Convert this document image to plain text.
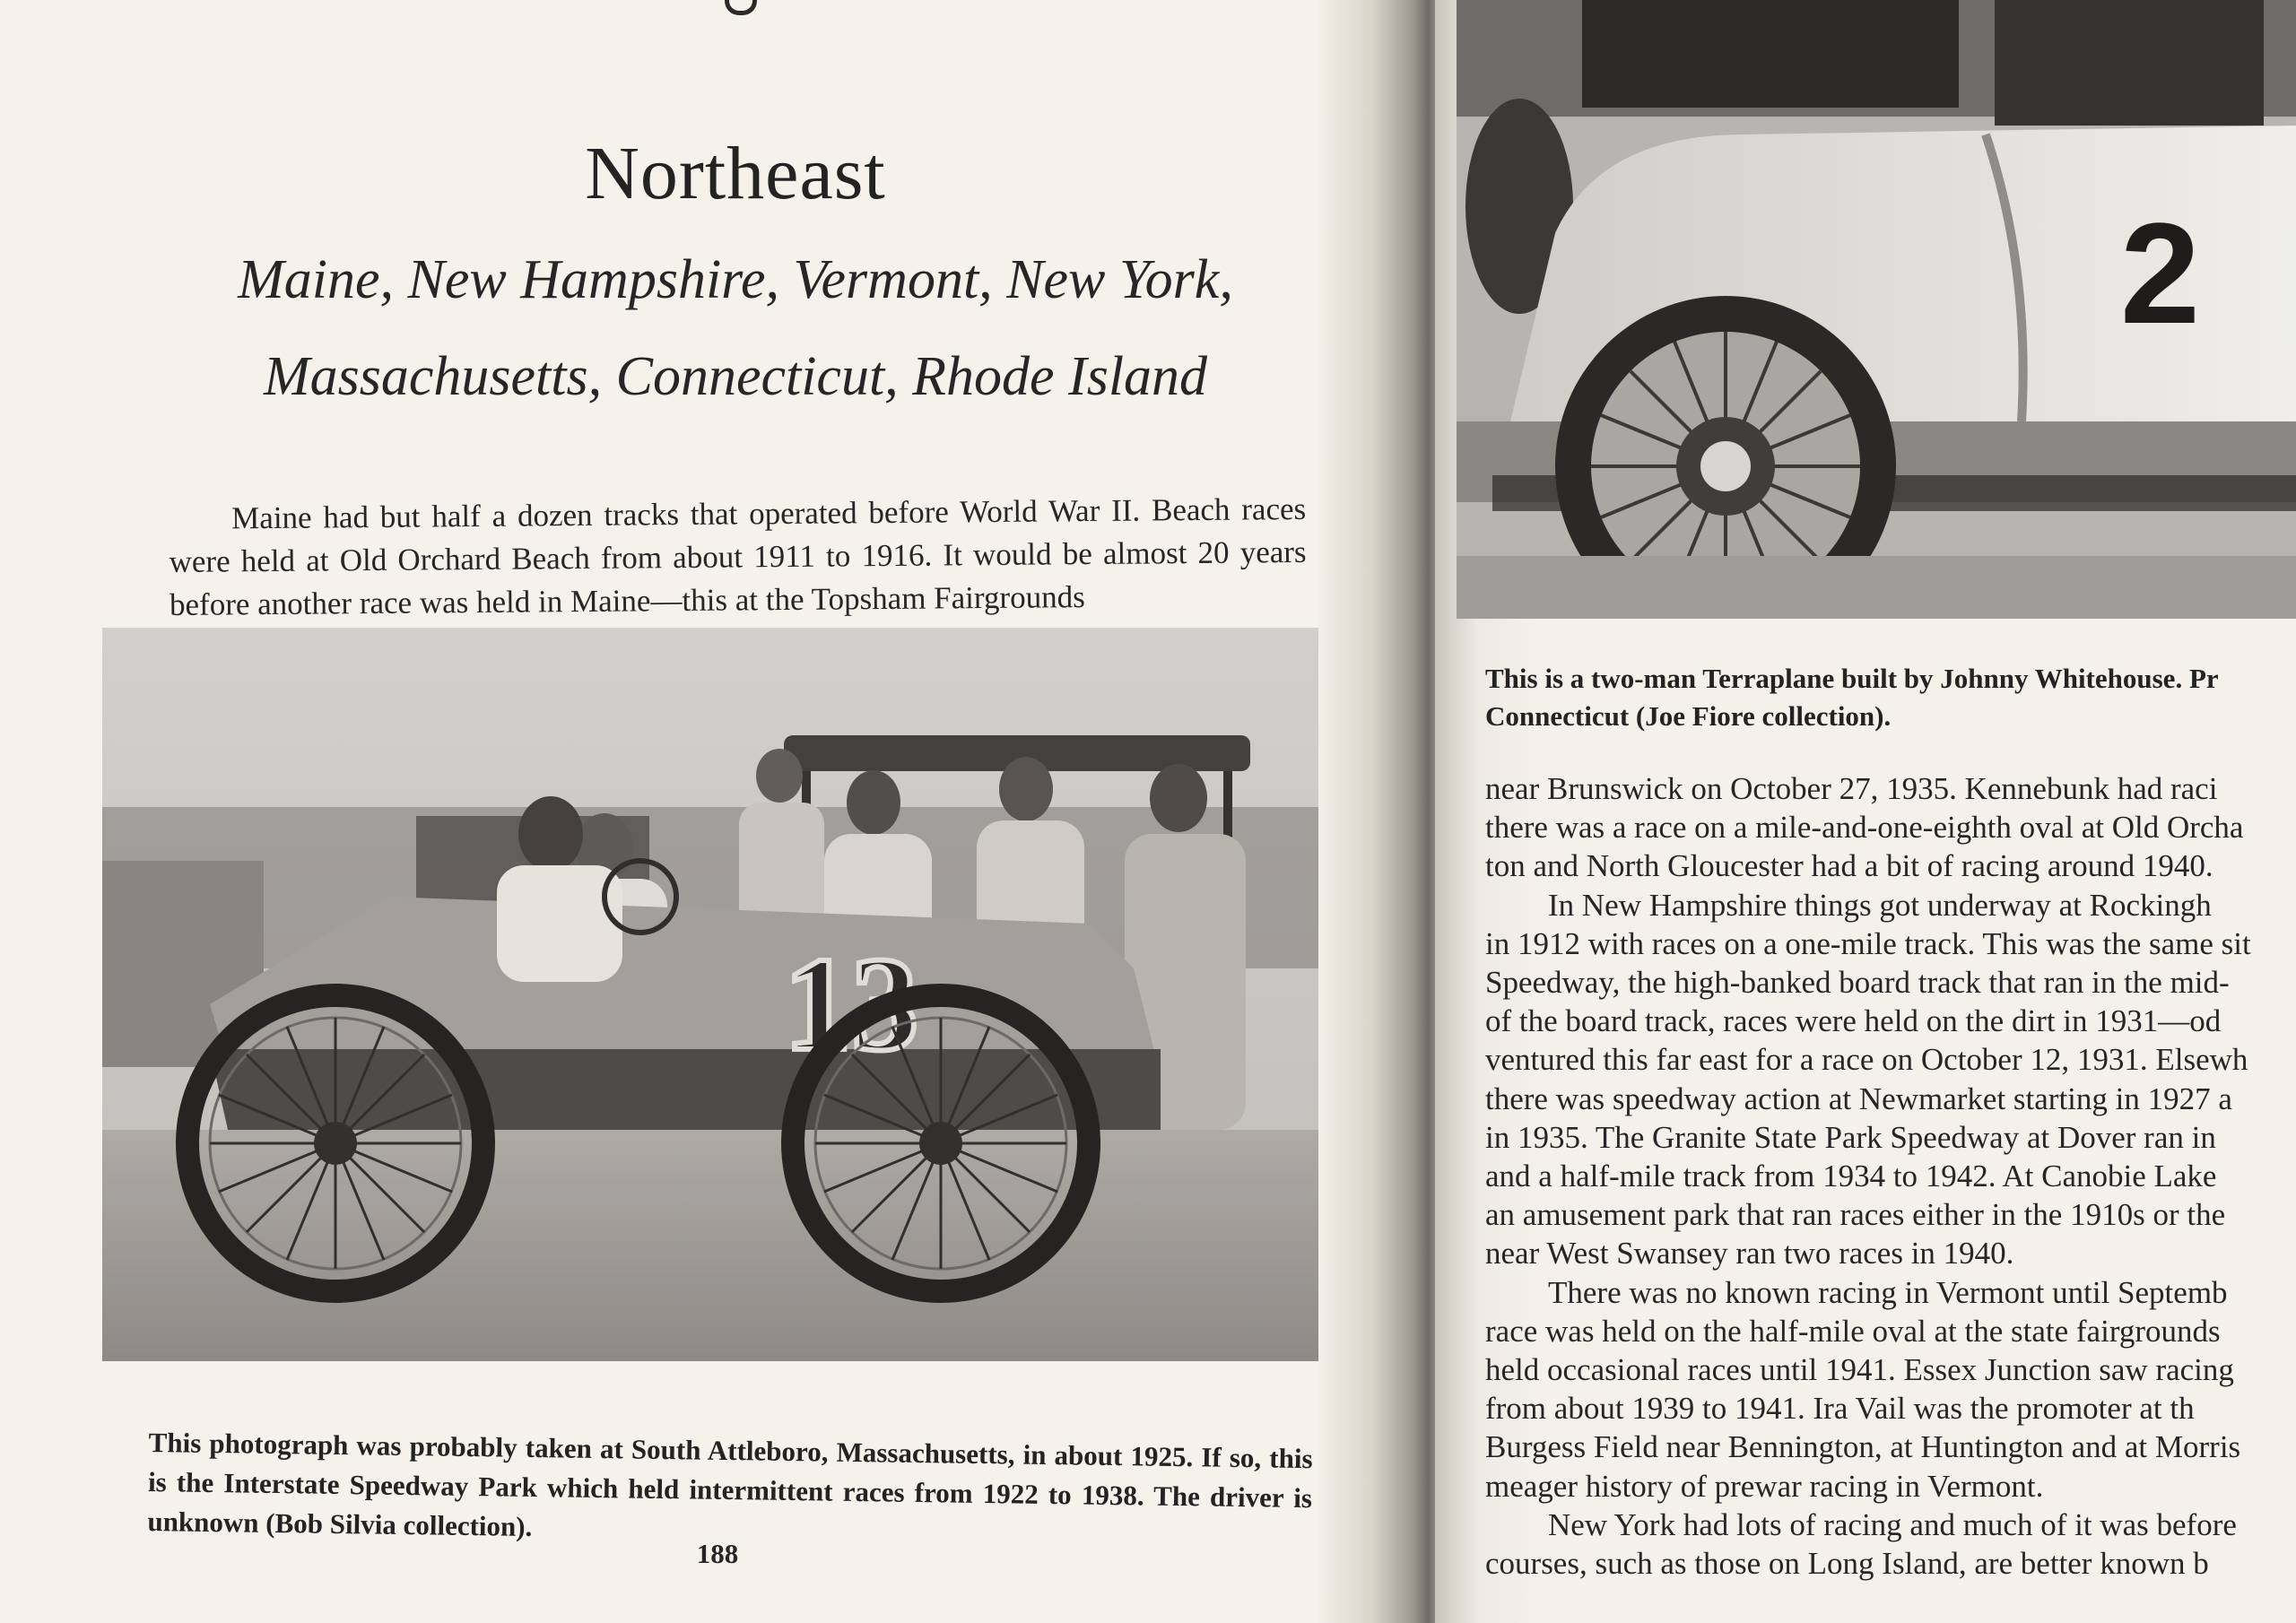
Northeast
Maine, New Hampshire, Vermont, New York,
Massachusetts, Connecticut, Rhode Island

Maine had but half a dozen tracks that operated before World War II. Beach races were held at Old Orchard Beach from about 1911 to 1916. It would be almost 20 years before another race was held in Maine—this at the Topsham Fairgrounds

13

This photograph was probably taken at South Attleboro, Massachusetts, in about 1925. If so, this is the Interstate Speedway Park which held intermittent races from 1922 to 1938. The driver is unknown (Bob Silvia collection).

188
2
This is a two-man Terraplane built by Johnny Whitehouse. Pr
Connecticut (Joe Fiore collection).
near Brunswick on October 27, 1935. Kennebunk had raci
there was a race on a mile-and-one-eighth oval at Old Orcha
ton and North Gloucester had a bit of racing around 1940.
In New Hampshire things got underway at Rockingh
in 1912 with races on a one-mile track. This was the same sit
Speedway, the high-banked board track that ran in the mid-
of the board track, races were held on the dirt in 1931—od
ventured this far east for a race on October 12, 1931. Elsewh
there was speedway action at Newmarket starting in 1927 a
in 1935. The Granite State Park Speedway at Dover ran in
and a half-mile track from 1934 to 1942. At Canobie Lake
an amusement park that ran races either in the 1910s or the
near West Swansey ran two races in 1940.
There was no known racing in Vermont until Septemb
race was held on the half-mile oval at the state fairgrounds
held occasional races until 1941. Essex Junction saw racing
from about 1939 to 1941. Ira Vail was the promoter at th
Burgess Field near Bennington, at Huntington and at Morris
meager history of prewar racing in Vermont.
New York had lots of racing and much of it was before
courses, such as those on Long Island, are better known b
